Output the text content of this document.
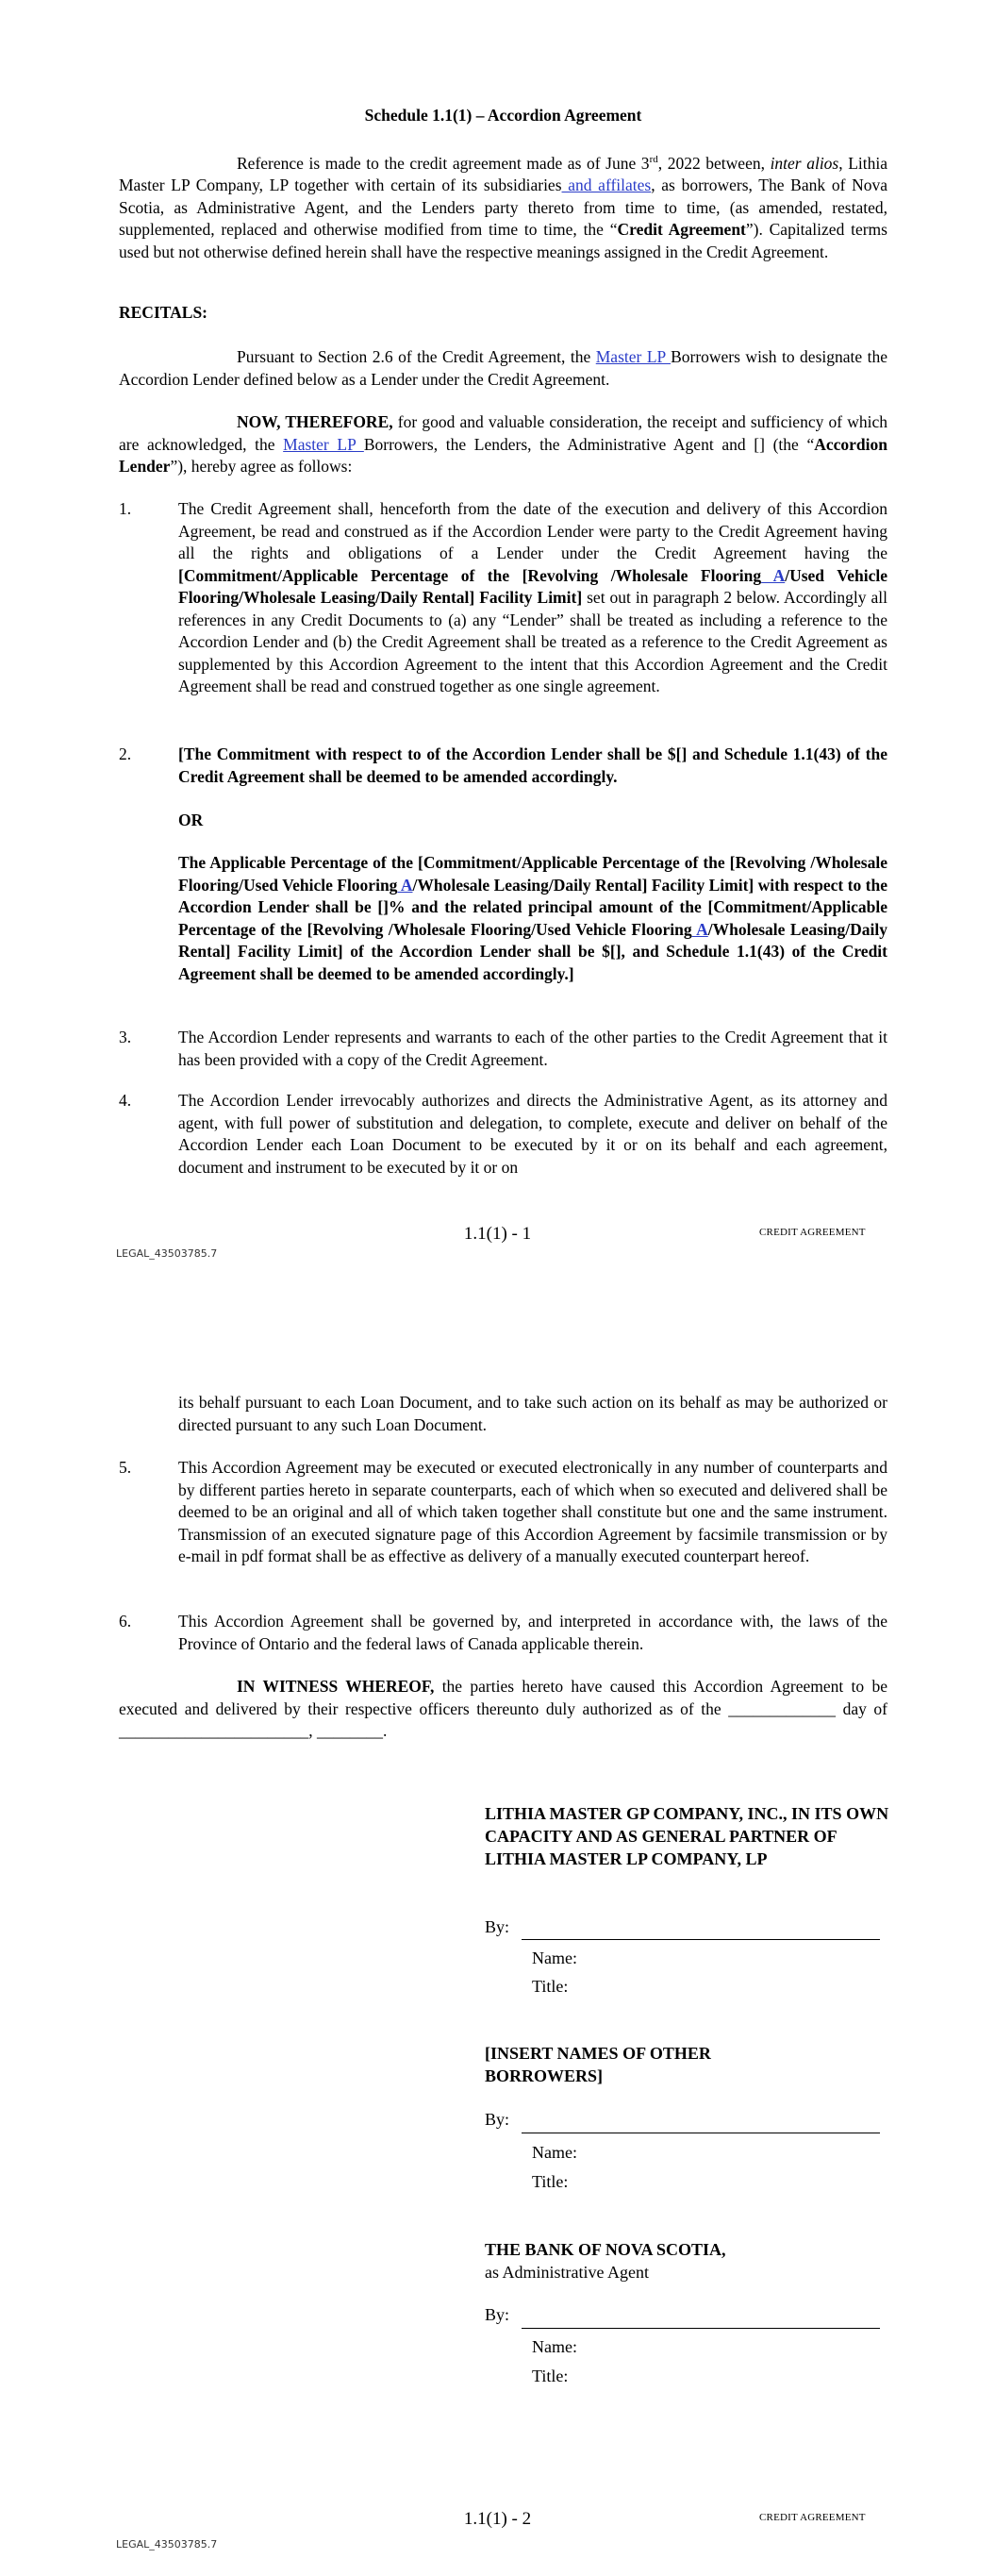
Schedule 1.1(1) – Accordion Agreement

Reference is made to the credit agreement made as of June 3rd, 2022 between, inter alios, Lithia Master LP Company, LP together with certain of its subsidiaries and affilates, as borrowers, The Bank of Nova Scotia, as Administrative Agent, and the Lenders party thereto from time to time, (as amended, restated, supplemented, replaced and otherwise modified from time to time, the “Credit Agreement”). Capitalized terms used but not otherwise defined herein shall have the respective meanings assigned in the Credit Agreement.

RECITALS:

Pursuant to Section 2.6 of the Credit Agreement, the Master LP Borrowers wish to designate the Accordion Lender defined below as a Lender under the Credit Agreement.

NOW, THEREFORE, for good and valuable consideration, the receipt and sufficiency of which are acknowledged, the Master LP Borrowers, the Lenders, the Administrative Agent and [] (the “Accordion Lender”), hereby agree as follows:

1.	The Credit Agreement shall, henceforth from the date of the execution and delivery of this Accordion Agreement, be read and construed as if the Accordion Lender were party to the Credit Agreement having all the rights and obligations of a Lender under the Credit Agreement having the [Commitment/Applicable Percentage of the [Revolving /Wholesale Flooring A/Used Vehicle Flooring/Wholesale Leasing/Daily Rental] Facility Limit] set out in paragraph 2 below. Accordingly all references in any Credit Documents to (a) any “Lender” shall be treated as including a reference to the Accordion Lender and (b) the Credit Agreement shall be treated as a reference to the Credit Agreement as supplemented by this Accordion Agreement to the intent that this Accordion Agreement and the Credit Agreement shall be read and construed together as one single agreement.

2.	[The Commitment with respect to of the Accordion Lender shall be $[] and Schedule 1.1(43) of the Credit Agreement shall be deemed to be amended accordingly.

OR

The Applicable Percentage of the [Commitment/Applicable Percentage of the [Revolving /Wholesale Flooring/Used Vehicle Flooring A/Wholesale Leasing/Daily Rental] Facility Limit] with respect to the Accordion Lender shall be []% and the related principal amount of the [Commitment/Applicable Percentage of the [Revolving /Wholesale Flooring/Used Vehicle Flooring A/Wholesale Leasing/Daily Rental] Facility Limit] of the Accordion Lender shall be $[], and Schedule 1.1(43) of the Credit Agreement shall be deemed to be amended accordingly.]

3.	The Accordion Lender represents and warrants to each of the other parties to the Credit Agreement that it has been provided with a copy of the Credit Agreement.

4.	The Accordion Lender irrevocably authorizes and directs the Administrative Agent, as its attorney and agent, with full power of substitution and delegation, to complete, execute and deliver on behalf of the Accordion Lender each Loan Document to be executed by it or on its behalf and each agreement, document and instrument to be executed by it or on

1.1(1) - 1	CREDIT AGREEMENT
LEGAL_43503785.7

its behalf pursuant to each Loan Document, and to take such action on its behalf as may be authorized or directed pursuant to any such Loan Document.

5.	This Accordion Agreement may be executed or executed electronically in any number of counterparts and by different parties hereto in separate counterparts, each of which when so executed and delivered shall be deemed to be an original and all of which taken together shall constitute but one and the same instrument. Transmission of an executed signature page of this Accordion Agreement by facsimile transmission or by e-mail in pdf format shall be as effective as delivery of a manually executed counterpart hereof.

6.	This Accordion Agreement shall be governed by, and interpreted in accordance with, the laws of the Province of Ontario and the federal laws of Canada applicable therein.

IN WITNESS WHEREOF, the parties hereto have caused this Accordion Agreement to be executed and delivered by their respective officers thereunto duly authorized as of the _____________ day of _______________________, ________.

LITHIA MASTER GP COMPANY, INC., IN ITS OWN CAPACITY AND AS GENERAL PARTNER OF LITHIA MASTER LP COMPANY, LP

By:
Name:
Title:

[INSERT NAMES OF OTHER BORROWERS]

By:
Name:
Title:

THE BANK OF NOVA SCOTIA,

as Administrative Agent

By:
Name:
Title:
1.1(1) - 2	CREDIT AGREEMENT
LEGAL_43503785.7
